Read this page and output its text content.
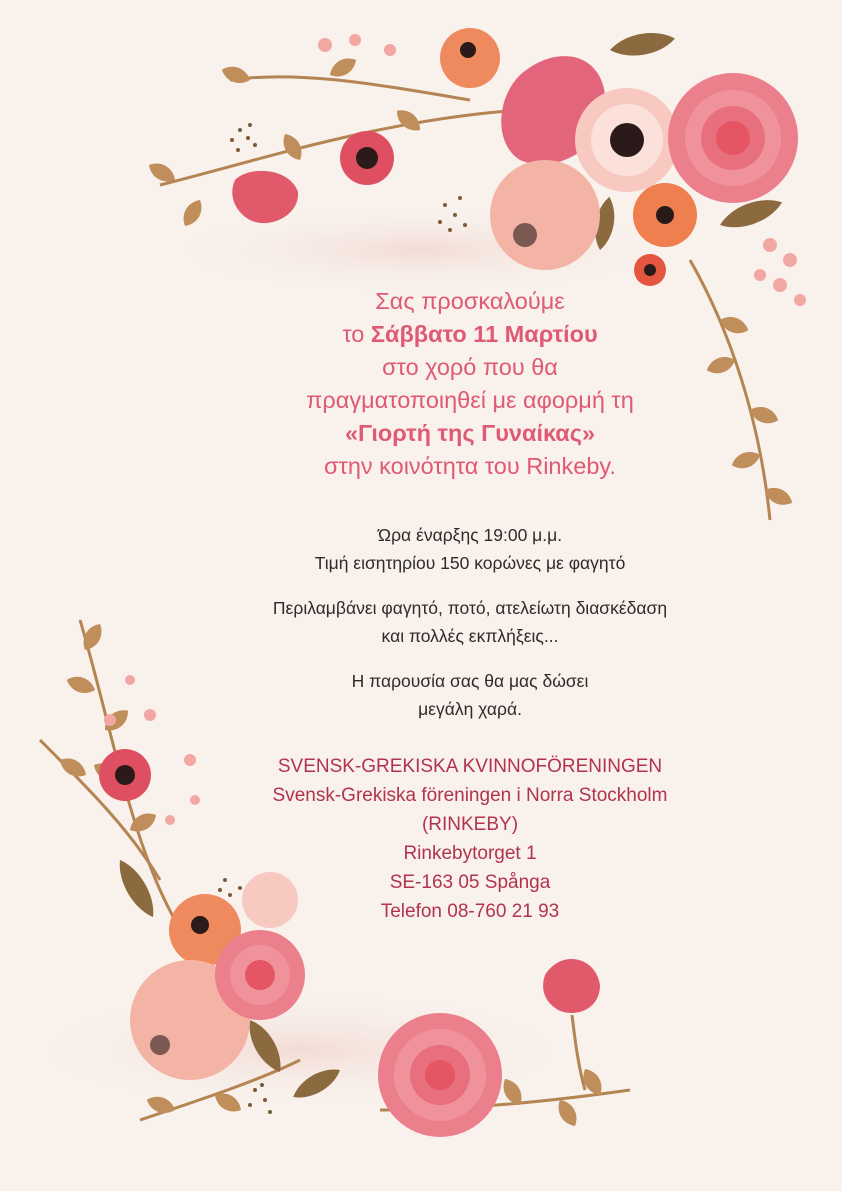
Σας προσκαλούμε
το Σάββατο 11 Μαρτίου
στο χορό που θα
πραγματοποιηθεί με αφορμή τη
«Γιορτή της Γυναίκας»
στην κοινότητα του Rinkeby.
Ώρα έναρξης 19:00 μ.μ.
Τιμή εισητηρίου 150 κορώνες με φαγητό
Περιλαμβάνει φαγητό, ποτό, ατελείωτη διασκέδαση
και πολλές εκπλήξεις...
Η παρουσία σας θα μας δώσει
μεγάλη χαρά.
SVENSK-GREKISKA KVINNOFÖRENINGEN
Svensk-Grekiska föreningen i Norra Stockholm
(RINKEBY)
Rinkebytorget 1
SE-163 05 Spånga
Telefon 08-760 21 93
